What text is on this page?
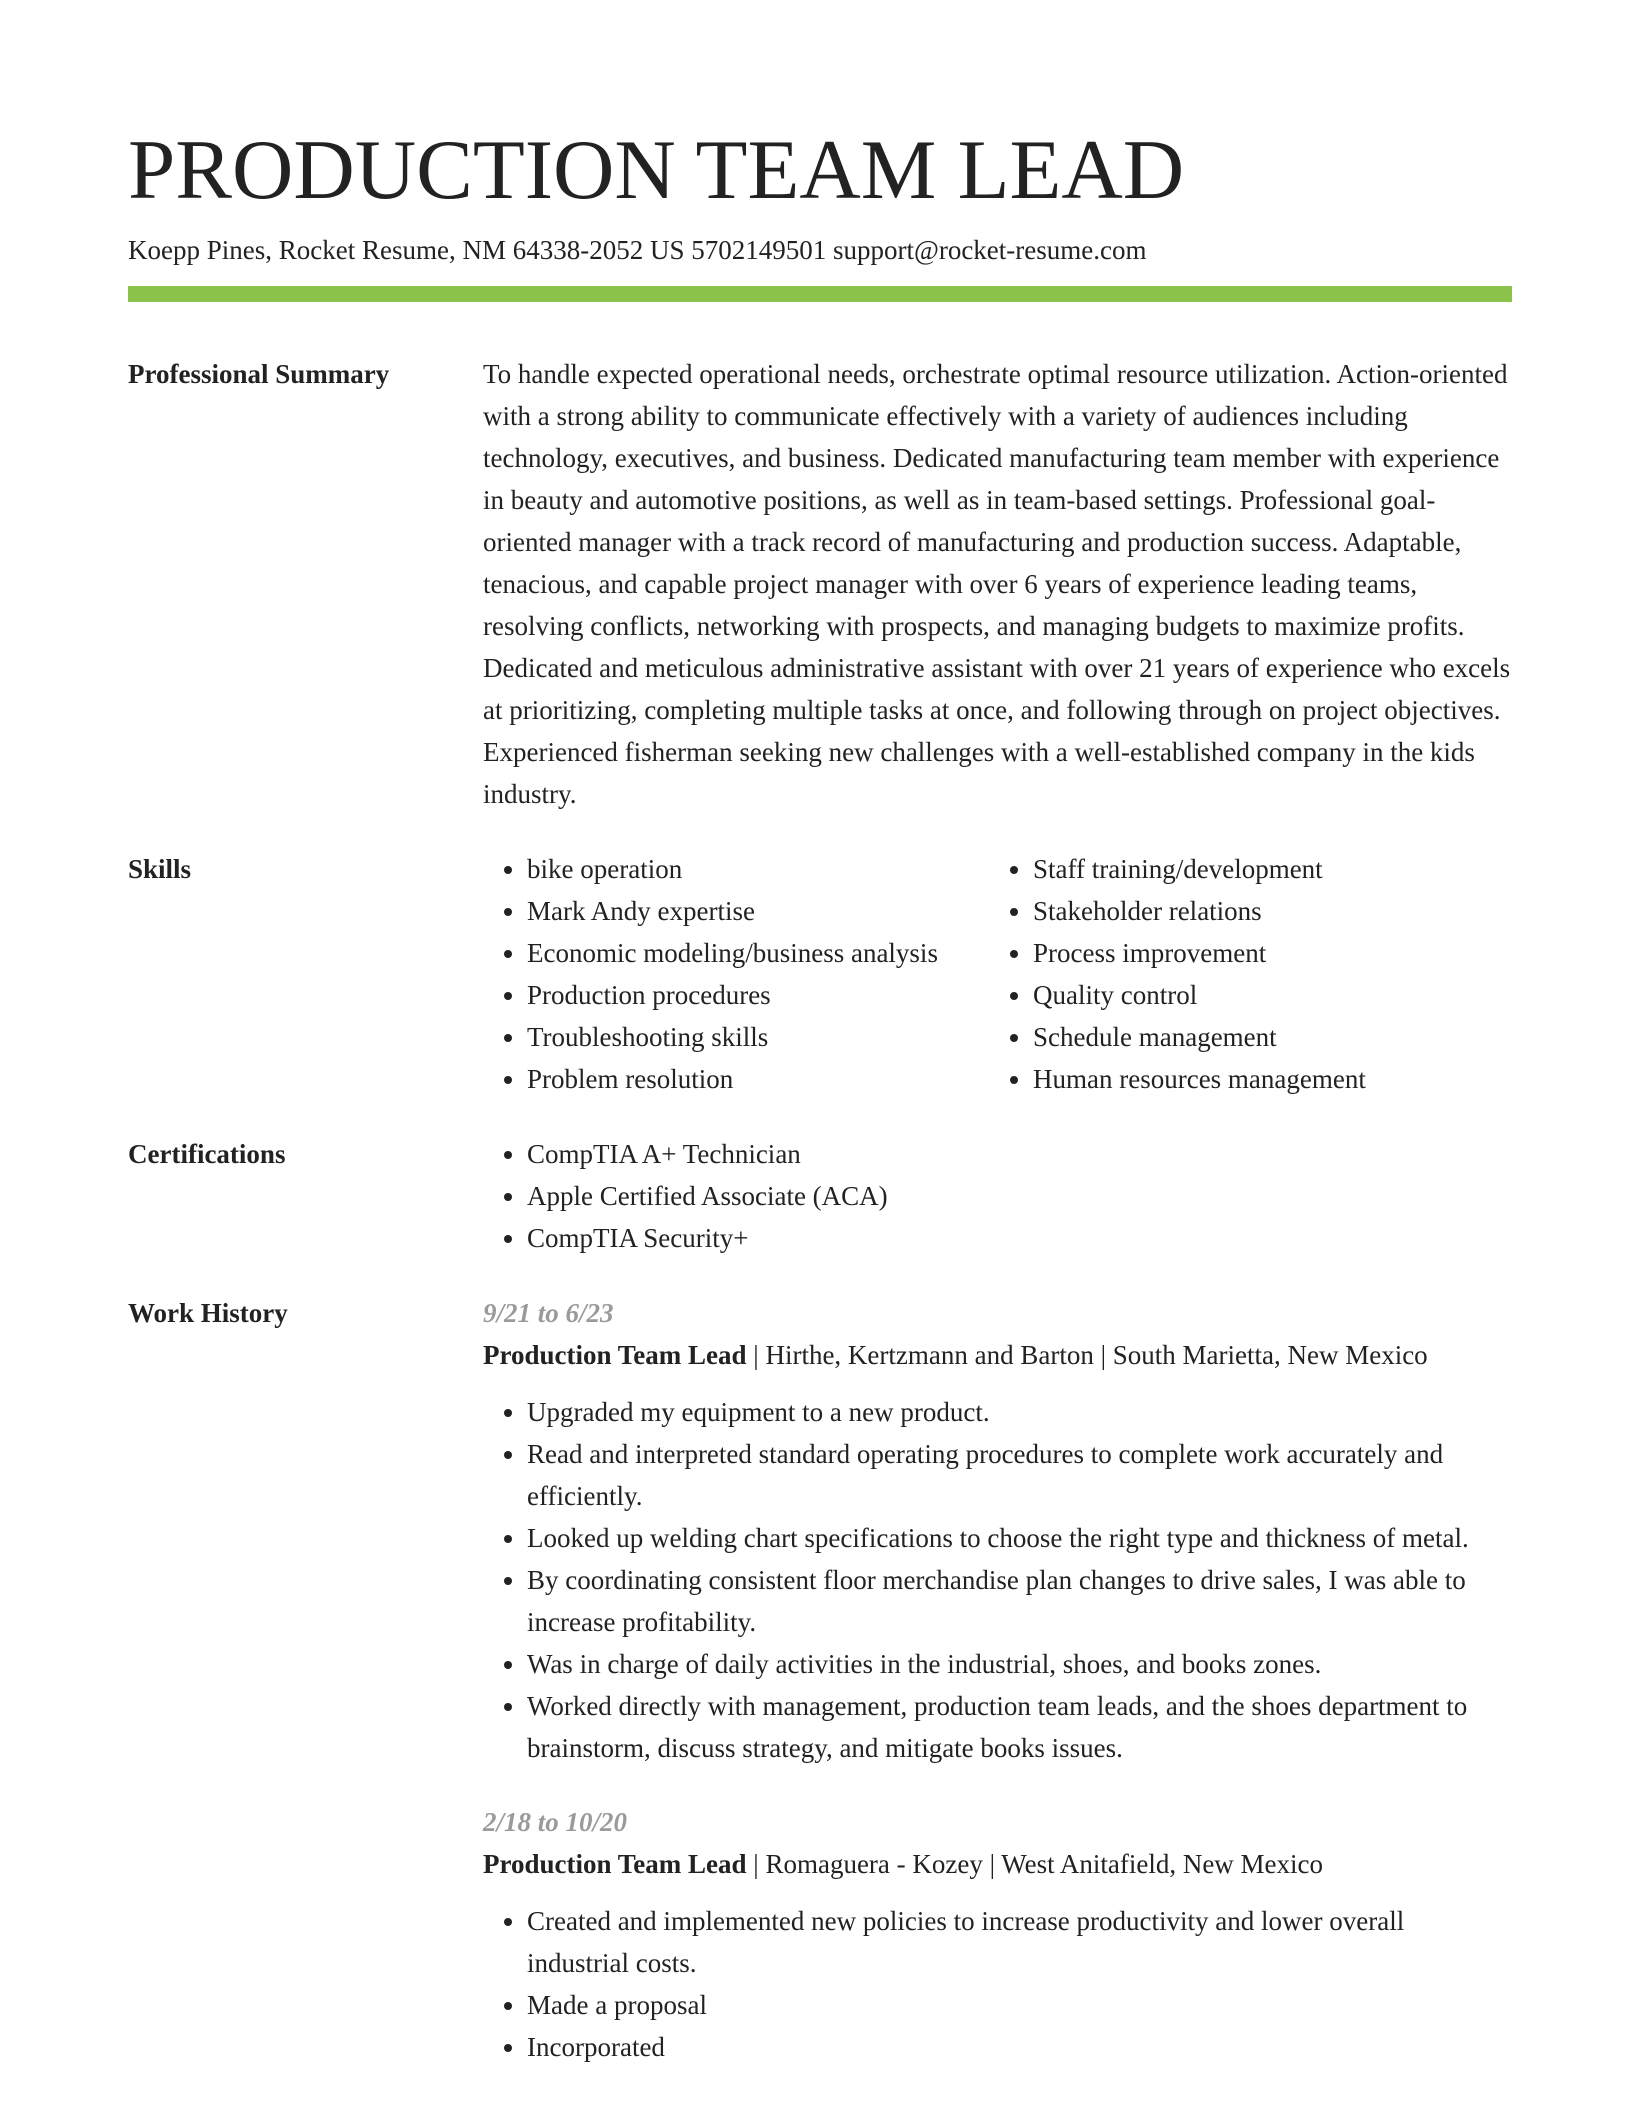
PRODUCTION TEAM LEAD
Koepp Pines, Rocket Resume, NM 64338-2052 US 5702149501 support@rocket-resume.com
Professional Summary	To handle expected operational needs, orchestrate optimal resource utilization. Action-oriented with a strong ability to communicate effectively with a variety of audiences including technology, executives, and business. Dedicated manufacturing team member with experience in beauty and automotive positions, as well as in team-based settings. Professional goal-oriented manager with a track record of manufacturing and production success. Adaptable, tenacious, and capable project manager with over 6 years of experience leading teams, resolving conflicts, networking with prospects, and managing budgets to maximize profits. Dedicated and meticulous administrative assistant with over 21 years of experience who excels at prioritizing, completing multiple tasks at once, and following through on project objectives. Experienced fisherman seeking new challenges with a well-established company in the kids industry.
Skills	• bike operation
• Mark Andy expertise
• Economic modeling/business analysis
• Production procedures
• Troubleshooting skills
• Problem resolution
• Staff training/development
• Stakeholder relations
• Process improvement
• Quality control
• Schedule management
• Human resources management
Certifications	• CompTIA A+ Technician
• Apple Certified Associate (ACA)
• CompTIA Security+
Work History	9/21 to 6/23
Production Team Lead | Hirthe, Kertzmann and Barton | South Marietta, New Mexico
• Upgraded my equipment to a new product.
• Read and interpreted standard operating procedures to complete work accurately and efficiently.
• Looked up welding chart specifications to choose the right type and thickness of metal.
• By coordinating consistent floor merchandise plan changes to drive sales, I was able to increase profitability.
• Was in charge of daily activities in the industrial, shoes, and books zones.
• Worked directly with management, production team leads, and the shoes department to brainstorm, discuss strategy, and mitigate books issues.
2/18 to 10/20
Production Team Lead | Romaguera - Kozey | West Anitafield, New Mexico
• Created and implemented new policies to increase productivity and lower overall industrial costs.
• Made a proposal
• Incorporated
